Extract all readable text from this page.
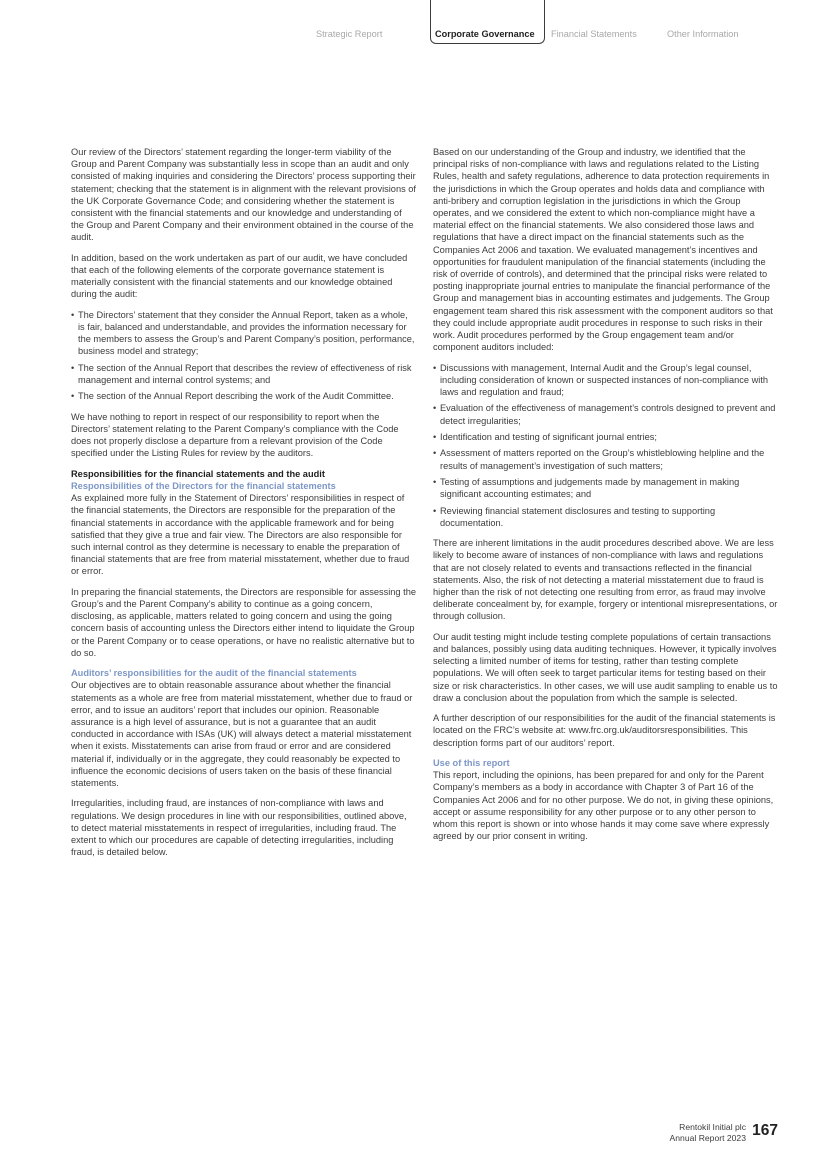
Strategic Report	Corporate Governance	Financial Statements	Other Information

Our review of the Directors’ statement regarding the longer-term viability of the Group and Parent Company was substantially less in scope than an audit and only consisted of making inquiries and considering the Directors’ process supporting their statement; checking that the statement is in alignment with the relevant provisions of the UK Corporate Governance Code; and considering whether the statement is consistent with the financial statements and our knowledge and understanding of the Group and Parent Company and their environment obtained in the course of the audit.

In addition, based on the work undertaken as part of our audit, we have concluded that each of the following elements of the corporate governance statement is materially consistent with the financial statements and our knowledge obtained during the audit:

• The Directors’ statement that they consider the Annual Report, taken as a whole, is fair, balanced and understandable, and provides the information necessary for the members to assess the Group’s and Parent Company’s position, performance, business model and strategy;
• The section of the Annual Report that describes the review of effectiveness of risk management and internal control systems; and
• The section of the Annual Report describing the work of the Audit Committee.

We have nothing to report in respect of our responsibility to report when the Directors’ statement relating to the Parent Company’s compliance with the Code does not properly disclose a departure from a relevant provision of the Code specified under the Listing Rules for review by the auditors.

Responsibilities for the financial statements and the audit
Responsibilities of the Directors for the financial statements

As explained more fully in the Statement of Directors’ responsibilities in respect of the financial statements, the Directors are responsible for the preparation of the financial statements in accordance with the applicable framework and for being satisfied that they give a true and fair view. The Directors are also responsible for such internal control as they determine is necessary to enable the preparation of financial statements that are free from material misstatement, whether due to fraud or error.

In preparing the financial statements, the Directors are responsible for assessing the Group’s and the Parent Company’s ability to continue as a going concern, disclosing, as applicable, matters related to going concern and using the going concern basis of accounting unless the Directors either intend to liquidate the Group or the Parent Company or to cease operations, or have no realistic alternative but to do so.

Auditors’ responsibilities for the audit of the financial statements

Our objectives are to obtain reasonable assurance about whether the financial statements as a whole are free from material misstatement, whether due to fraud or error, and to issue an auditors’ report that includes our opinion. Reasonable assurance is a high level of assurance, but is not a guarantee that an audit conducted in accordance with ISAs (UK) will always detect a material misstatement when it exists. Misstatements can arise from fraud or error and are considered material if, individually or in the aggregate, they could reasonably be expected to influence the economic decisions of users taken on the basis of these financial statements.

Irregularities, including fraud, are instances of non-compliance with laws and regulations. We design procedures in line with our responsibilities, outlined above, to detect material misstatements in respect of irregularities, including fraud. The extent to which our procedures are capable of detecting irregularities, including fraud, is detailed below.

Based on our understanding of the Group and industry, we identified that the principal risks of non-compliance with laws and regulations related to the Listing Rules, health and safety regulations, adherence to data protection requirements in the jurisdictions in which the Group operates and holds data and compliance with anti-bribery and corruption legislation in the jurisdictions in which the Group operates, and we considered the extent to which non-compliance might have a material effect on the financial statements. We also considered those laws and regulations that have a direct impact on the financial statements such as the Companies Act 2006 and taxation. We evaluated management’s incentives and opportunities for fraudulent manipulation of the financial statements (including the risk of override of controls), and determined that the principal risks were related to posting inappropriate journal entries to manipulate the financial performance of the Group and management bias in accounting estimates and judgements. The Group engagement team shared this risk assessment with the component auditors so that they could include appropriate audit procedures in response to such risks in their work. Audit procedures performed by the Group engagement team and/or component auditors included:

• Discussions with management, Internal Audit and the Group’s legal counsel, including consideration of known or suspected instances of non-compliance with laws and regulation and fraud;
• Evaluation of the effectiveness of management’s controls designed to prevent and detect irregularities;
• Identification and testing of significant journal entries;
• Assessment of matters reported on the Group’s whistleblowing helpline and the results of management’s investigation of such matters;
• Testing of assumptions and judgements made by management in making significant accounting estimates; and
• Reviewing financial statement disclosures and testing to supporting documentation.

There are inherent limitations in the audit procedures described above. We are less likely to become aware of instances of non-compliance with laws and regulations that are not closely related to events and transactions reflected in the financial statements. Also, the risk of not detecting a material misstatement due to fraud is higher than the risk of not detecting one resulting from error, as fraud may involve deliberate concealment by, for example, forgery or intentional misrepresentations, or through collusion.

Our audit testing might include testing complete populations of certain transactions and balances, possibly using data auditing techniques. However, it typically involves selecting a limited number of items for testing, rather than testing complete populations. We will often seek to target particular items for testing based on their size or risk characteristics. In other cases, we will use audit sampling to enable us to draw a conclusion about the population from which the sample is selected.

A further description of our responsibilities for the audit of the financial statements is located on the FRC’s website at: www.frc.org.uk/auditorsresponsibilities. This description forms part of our auditors’ report.

Use of this report

This report, including the opinions, has been prepared for and only for the Parent Company’s members as a body in accordance with Chapter 3 of Part 16 of the Companies Act 2006 and for no other purpose. We do not, in giving these opinions, accept or assume responsibility for any other purpose or to any other person to whom this report is shown or into whose hands it may come save where expressly agreed by our prior consent in writing.

Rentokil Initial plc
Annual Report 2023 167
